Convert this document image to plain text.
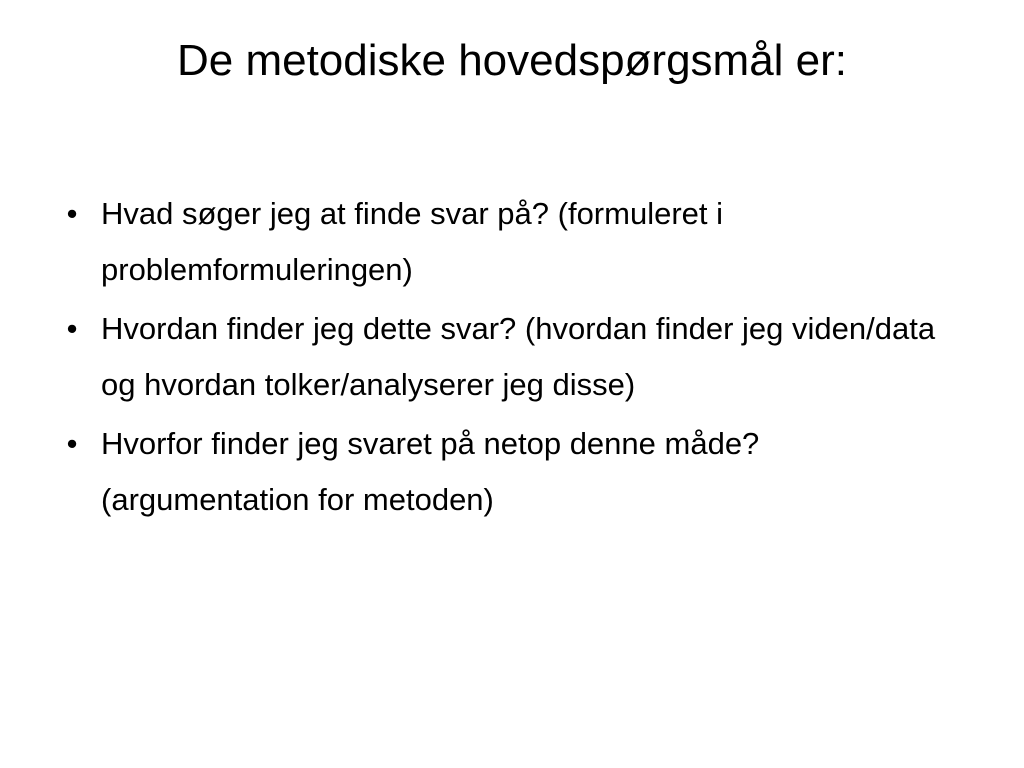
De metodiske hovedspørgsmål er:
• Hvad søger jeg at finde svar på? (formuleret i problemformuleringen)
• Hvordan finder jeg dette svar? (hvordan finder jeg viden/data og hvordan tolker/analyserer jeg disse)
• Hvorfor finder jeg svaret på netop denne måde? (argumentation for metoden)
